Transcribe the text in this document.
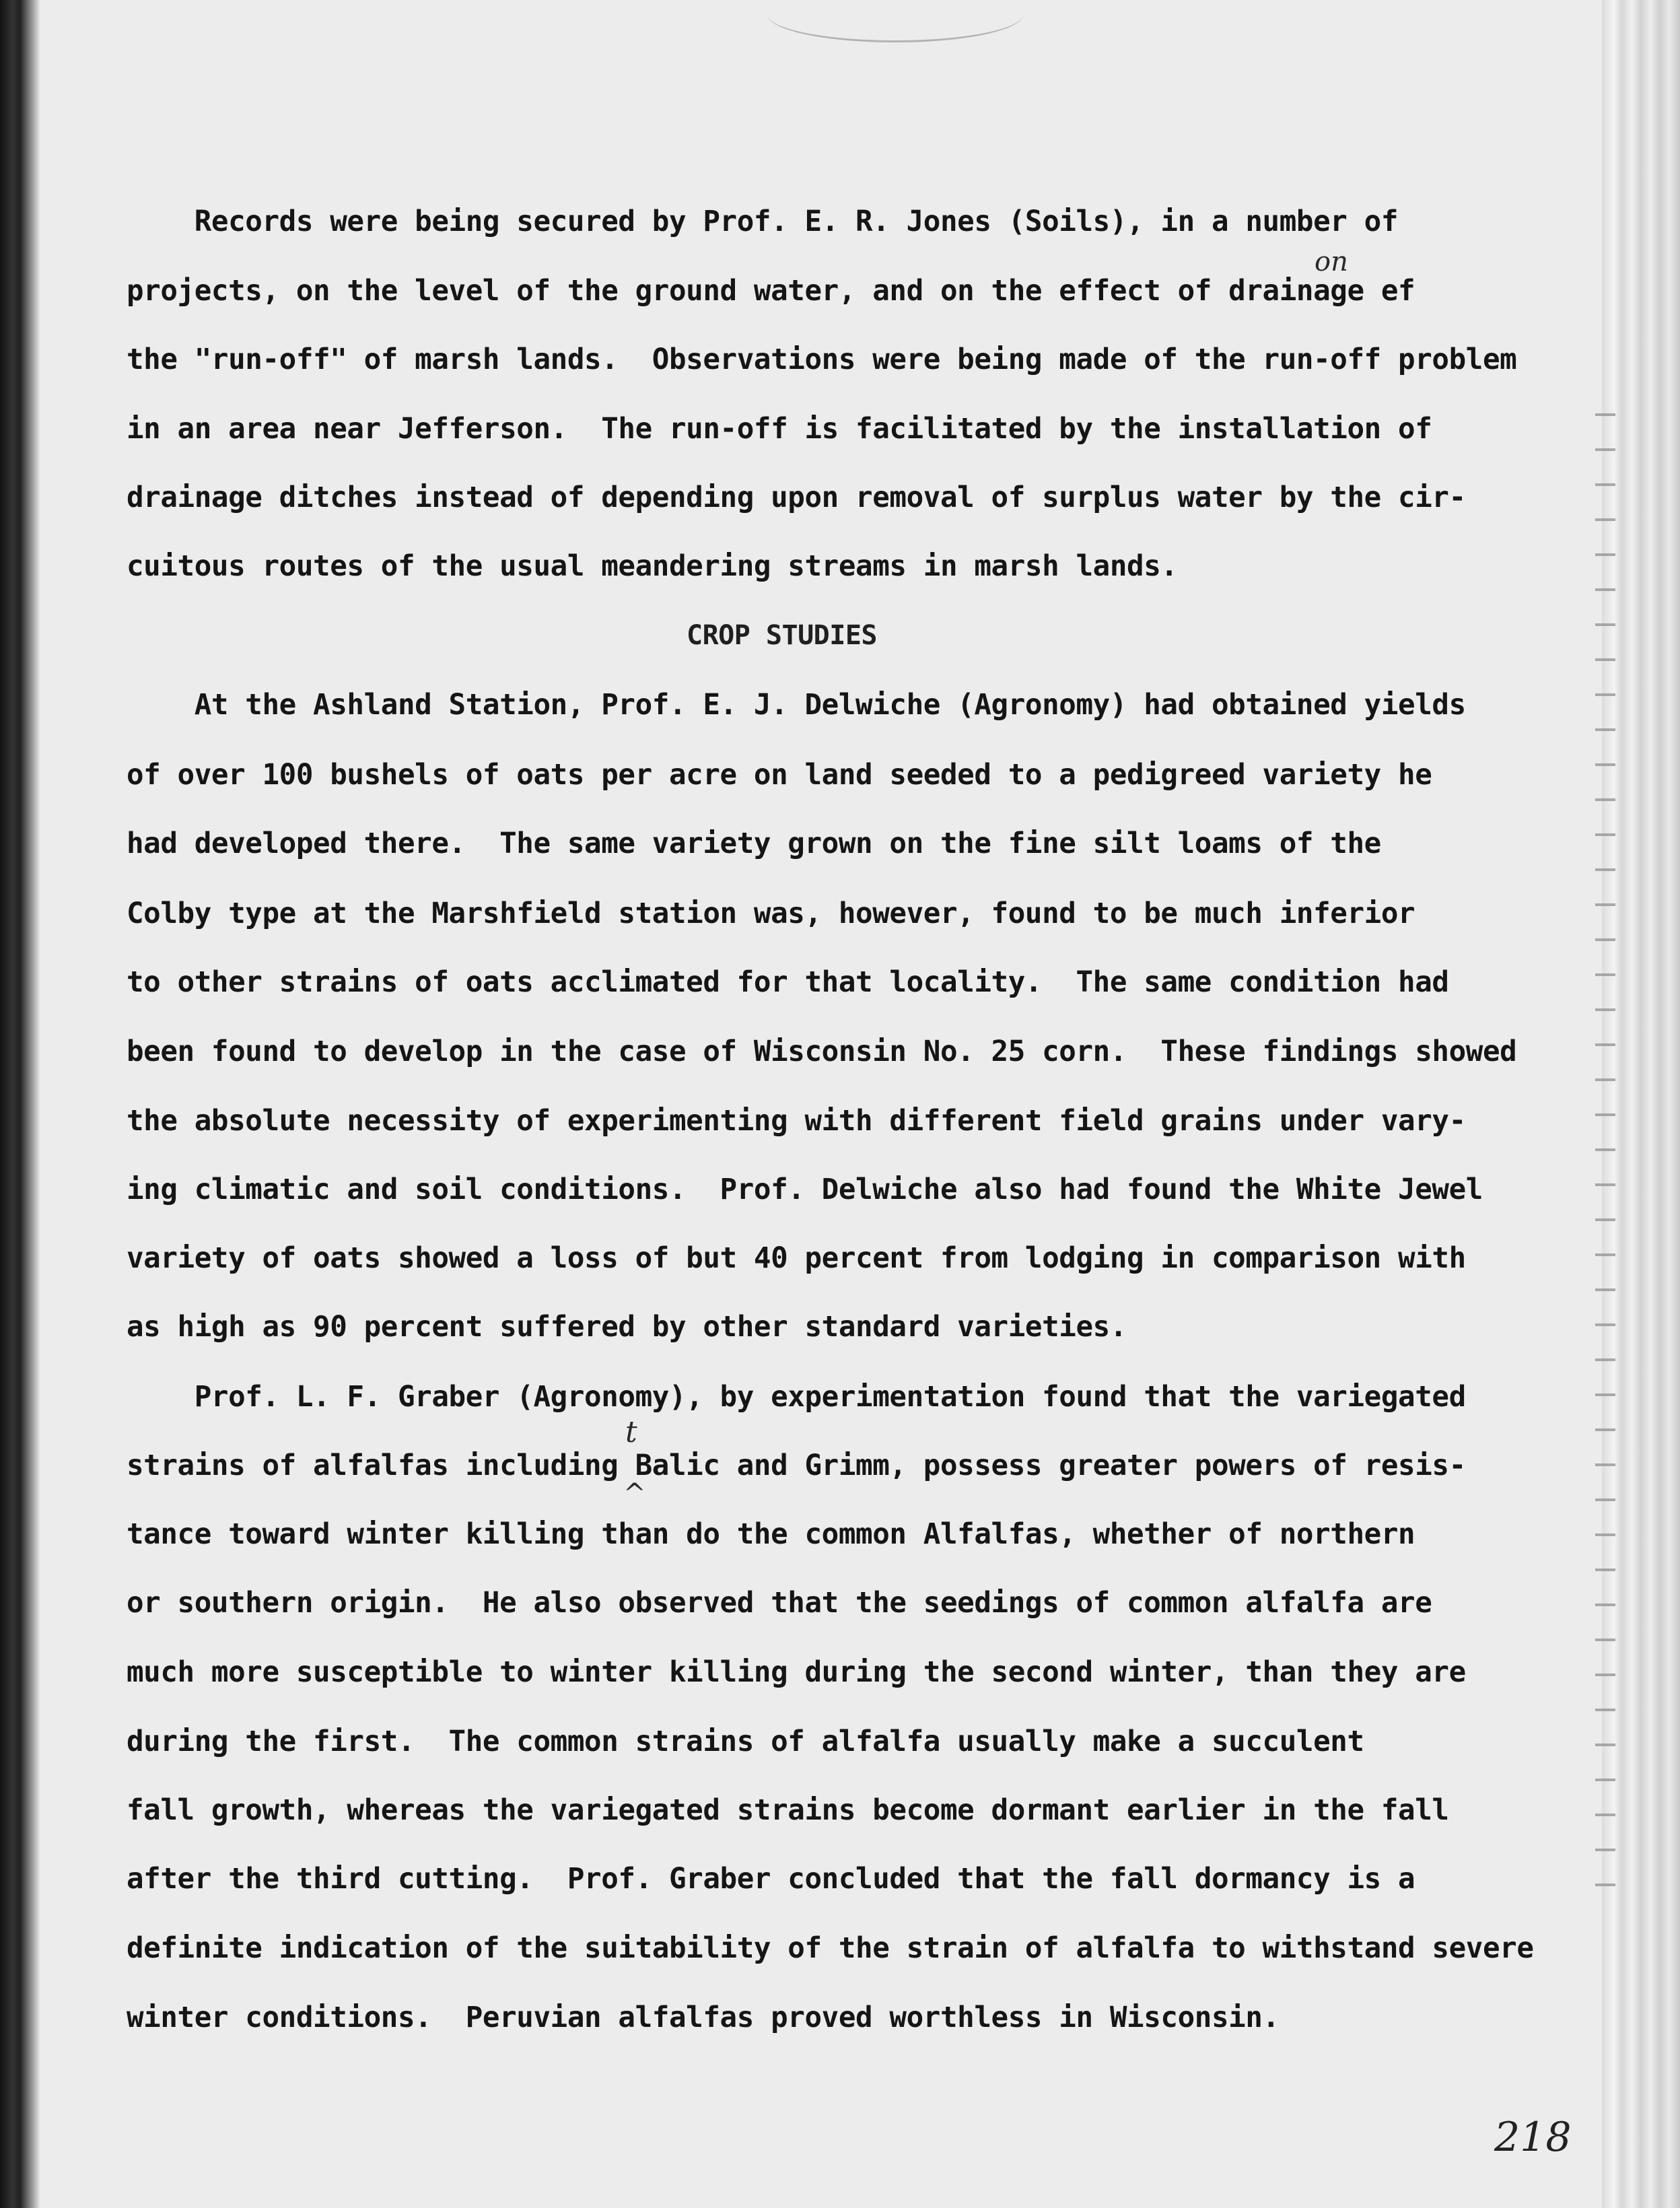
Records were being secured by Prof. E. R. Jones (Soils), in a number of

projects, on the level of the ground water, and on the effect of drainage ef

the "run-off" of marsh lands.  Observations were being made of the run-off problem

in an area near Jefferson.  The run-off is facilitated by the installation of

drainage ditches instead of depending upon removal of surplus water by the cir-

cuitous routes of the usual meandering streams in marsh lands.

CROP STUDIES

At the Ashland Station, Prof. E. J. Delwiche (Agronomy) had obtained yields

of over 100 bushels of oats per acre on land seeded to a pedigreed variety he

had developed there.  The same variety grown on the fine silt loams of the

Colby type at the Marshfield station was, however, found to be much inferior

to other strains of oats acclimated for that locality.  The same condition had

been found to develop in the case of Wisconsin No. 25 corn.  These findings showed

the absolute necessity of experimenting with different field grains under vary-

ing climatic and soil conditions.  Prof. Delwiche also had found the White Jewel

variety of oats showed a loss of but 40 percent from lodging in comparison with

as high as 90 percent suffered by other standard varieties.

Prof. L. F. Graber (Agronomy), by experimentation found that the variegated

strains of alfalfas including Balic and Grimm, possess greater powers of resis-

tance toward winter killing than do the common Alfalfas, whether of northern

or southern origin.  He also observed that the seedings of common alfalfa are

much more susceptible to winter killing during the second winter, than they are

during the first.  The common strains of alfalfa usually make a succulent

fall growth, whereas the variegated strains become dormant earlier in the fall

after the third cutting.  Prof. Graber concluded that the fall dormancy is a

definite indication of the suitability of the strain of alfalfa to withstand severe

winter conditions.  Peruvian alfalfas proved worthless in Wisconsin.

on
t
^
218
